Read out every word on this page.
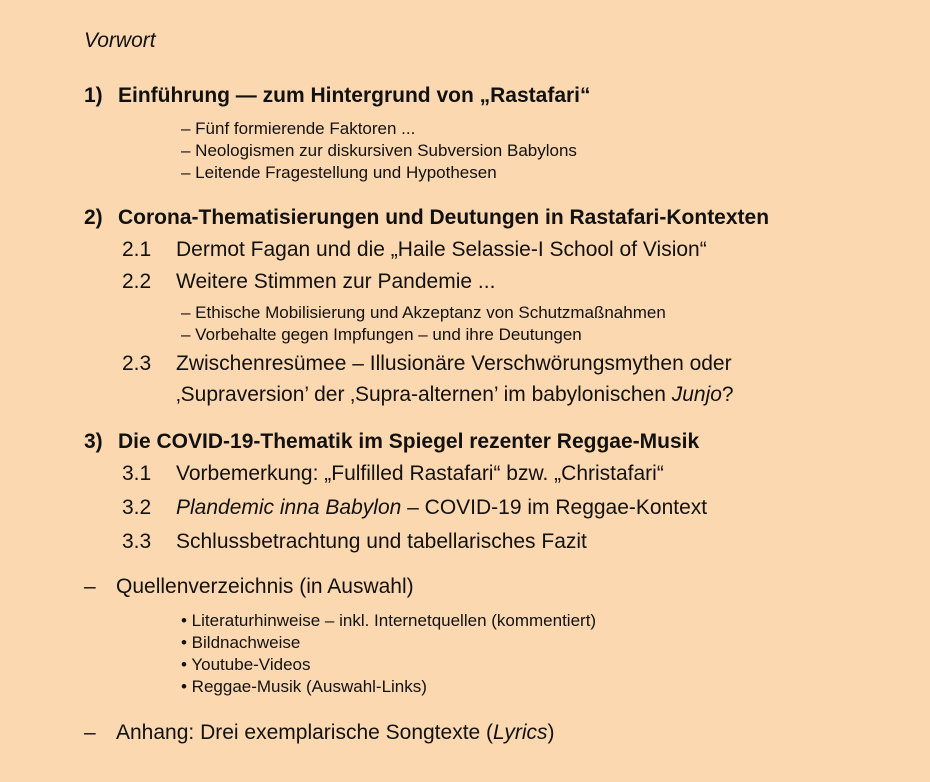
Vorwort
1) Einführung — zum Hintergrund von „Rastafari“
– Fünf formierende Faktoren ...
– Neologismen zur diskursiven Subversion Babylons
– Leitende Fragestellung und Hypothesen
2) Corona-Thematisierungen und Deutungen in Rastafari-Kontexten
2.1 Dermot Fagan und die „Haile Selassie-I School of Vision“
2.2 Weitere Stimmen zur Pandemie ...
– Ethische Mobilisierung und Akzeptanz von Schutzmaßnahmen
– Vorbehalte gegen Impfungen – und ihre Deutungen
2.3 Zwischenresümee – Illusionäre Verschwörungsmythen oder
‚Supraversion’ der ‚Supra-alternen’ im babylonischen Junjo?
3) Die COVID-19-Thematik im Spiegel rezenter Reggae-Musik
3.1 Vorbemerkung: „Fulfilled Rastafari“ bzw. „Christafari“
3.2 Plandemic inna Babylon – COVID-19 im Reggae-Kontext
3.3 Schlussbetrachtung und tabellarisches Fazit
– Quellenverzeichnis (in Auswahl)
• Literaturhinweise – inkl. Internetquellen (kommentiert)
• Bildnachweise
• Youtube-Videos
• Reggae-Musik (Auswahl-Links)
– Anhang: Drei exemplarische Songtexte (Lyrics)
